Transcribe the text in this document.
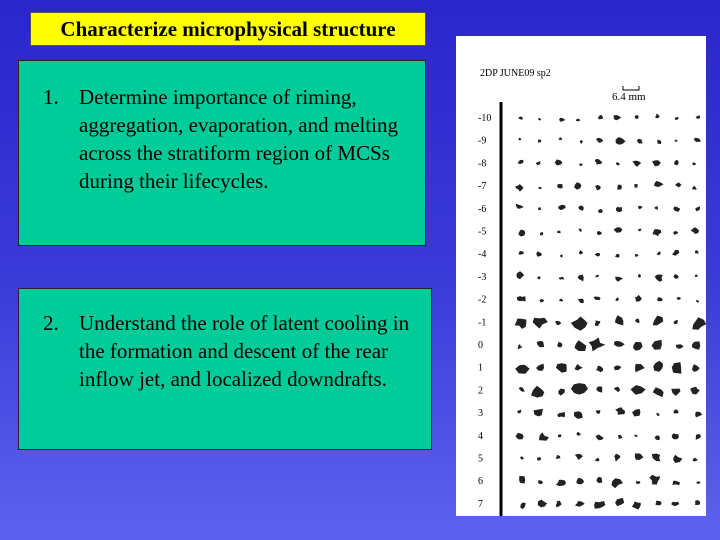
Characterize microphysical structure
1. Determine importance of riming, aggregation, evaporation, and melting across the stratiform region of MCSs during their lifecycles.
2. Understand the role of latent cooling in the formation and descent of the rear inflow jet, and localized downdrafts.
2DP JUNE09 sp2
6.4 mm
-10
-9
-8
-7
-6
-5
-4
-3
-2
-1
0
1
2
3
4
5
6
7
